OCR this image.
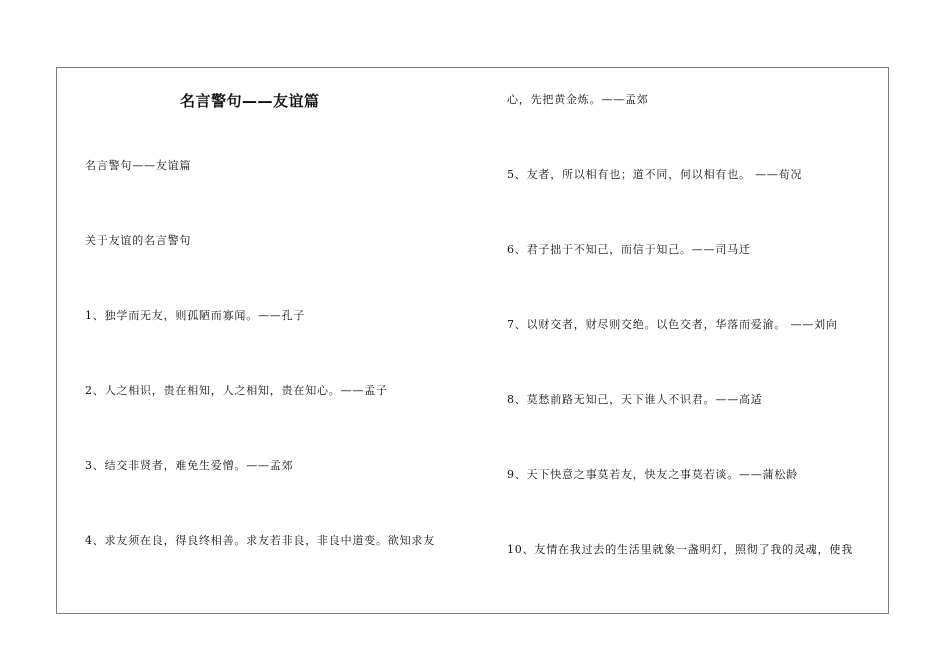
名言警句——友谊篇
名言警句——友谊篇
关于友谊的名言警句
1、独学而无友，则孤陋而寡闻。——孔子
2、人之相识，贵在相知，人之相知，贵在知心。——孟子
3、结交非贤者，难免生爱憎。——孟郊
4、求友须在良，得良终相善。求友若非良，非良中道变。欲知求友
心，先把黄金炼。——孟郊
5、友者，所以相有也；道不同，何以相有也。 ——荀况
6、君子拙于不知己，而信于知己。——司马迁
7、以财交者，财尽则交绝。以色交者，华落而爱渝。 ——刘向
8、莫愁前路无知己，天下谁人不识君。——高适
9、天下快意之事莫若友，快友之事莫若谈。——蒲松龄
10、友情在我过去的生活里就象一盏明灯，照彻了我的灵魂，使我
